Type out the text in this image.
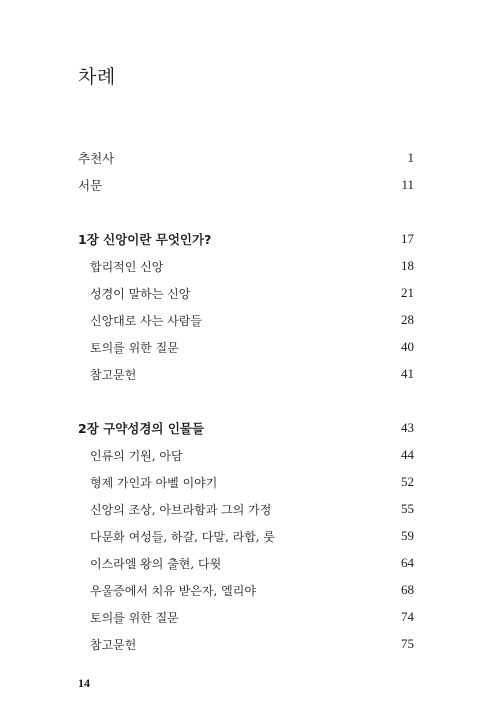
차례
추천사	1
서문	11
1장 신앙이란 무엇인가?	17
합리적인 신앙	18
성경이 말하는 신앙	21
신앙대로 사는 사람들	28
토의를 위한 질문	40
참고문헌	41
2장 구약성경의 인물들	43
인류의 기원, 아담	44
형제 가인과 아벨 이야기	52
신앙의 조상, 아브라함과 그의 가정	55
다문화 여성들, 하갈, 다말, 라합, 룻	59
이스라엘 왕의 출현, 다윗	64
우울증에서 치유 받은자, 엘리야	68
토의를 위한 질문	74
참고문헌	75
14
